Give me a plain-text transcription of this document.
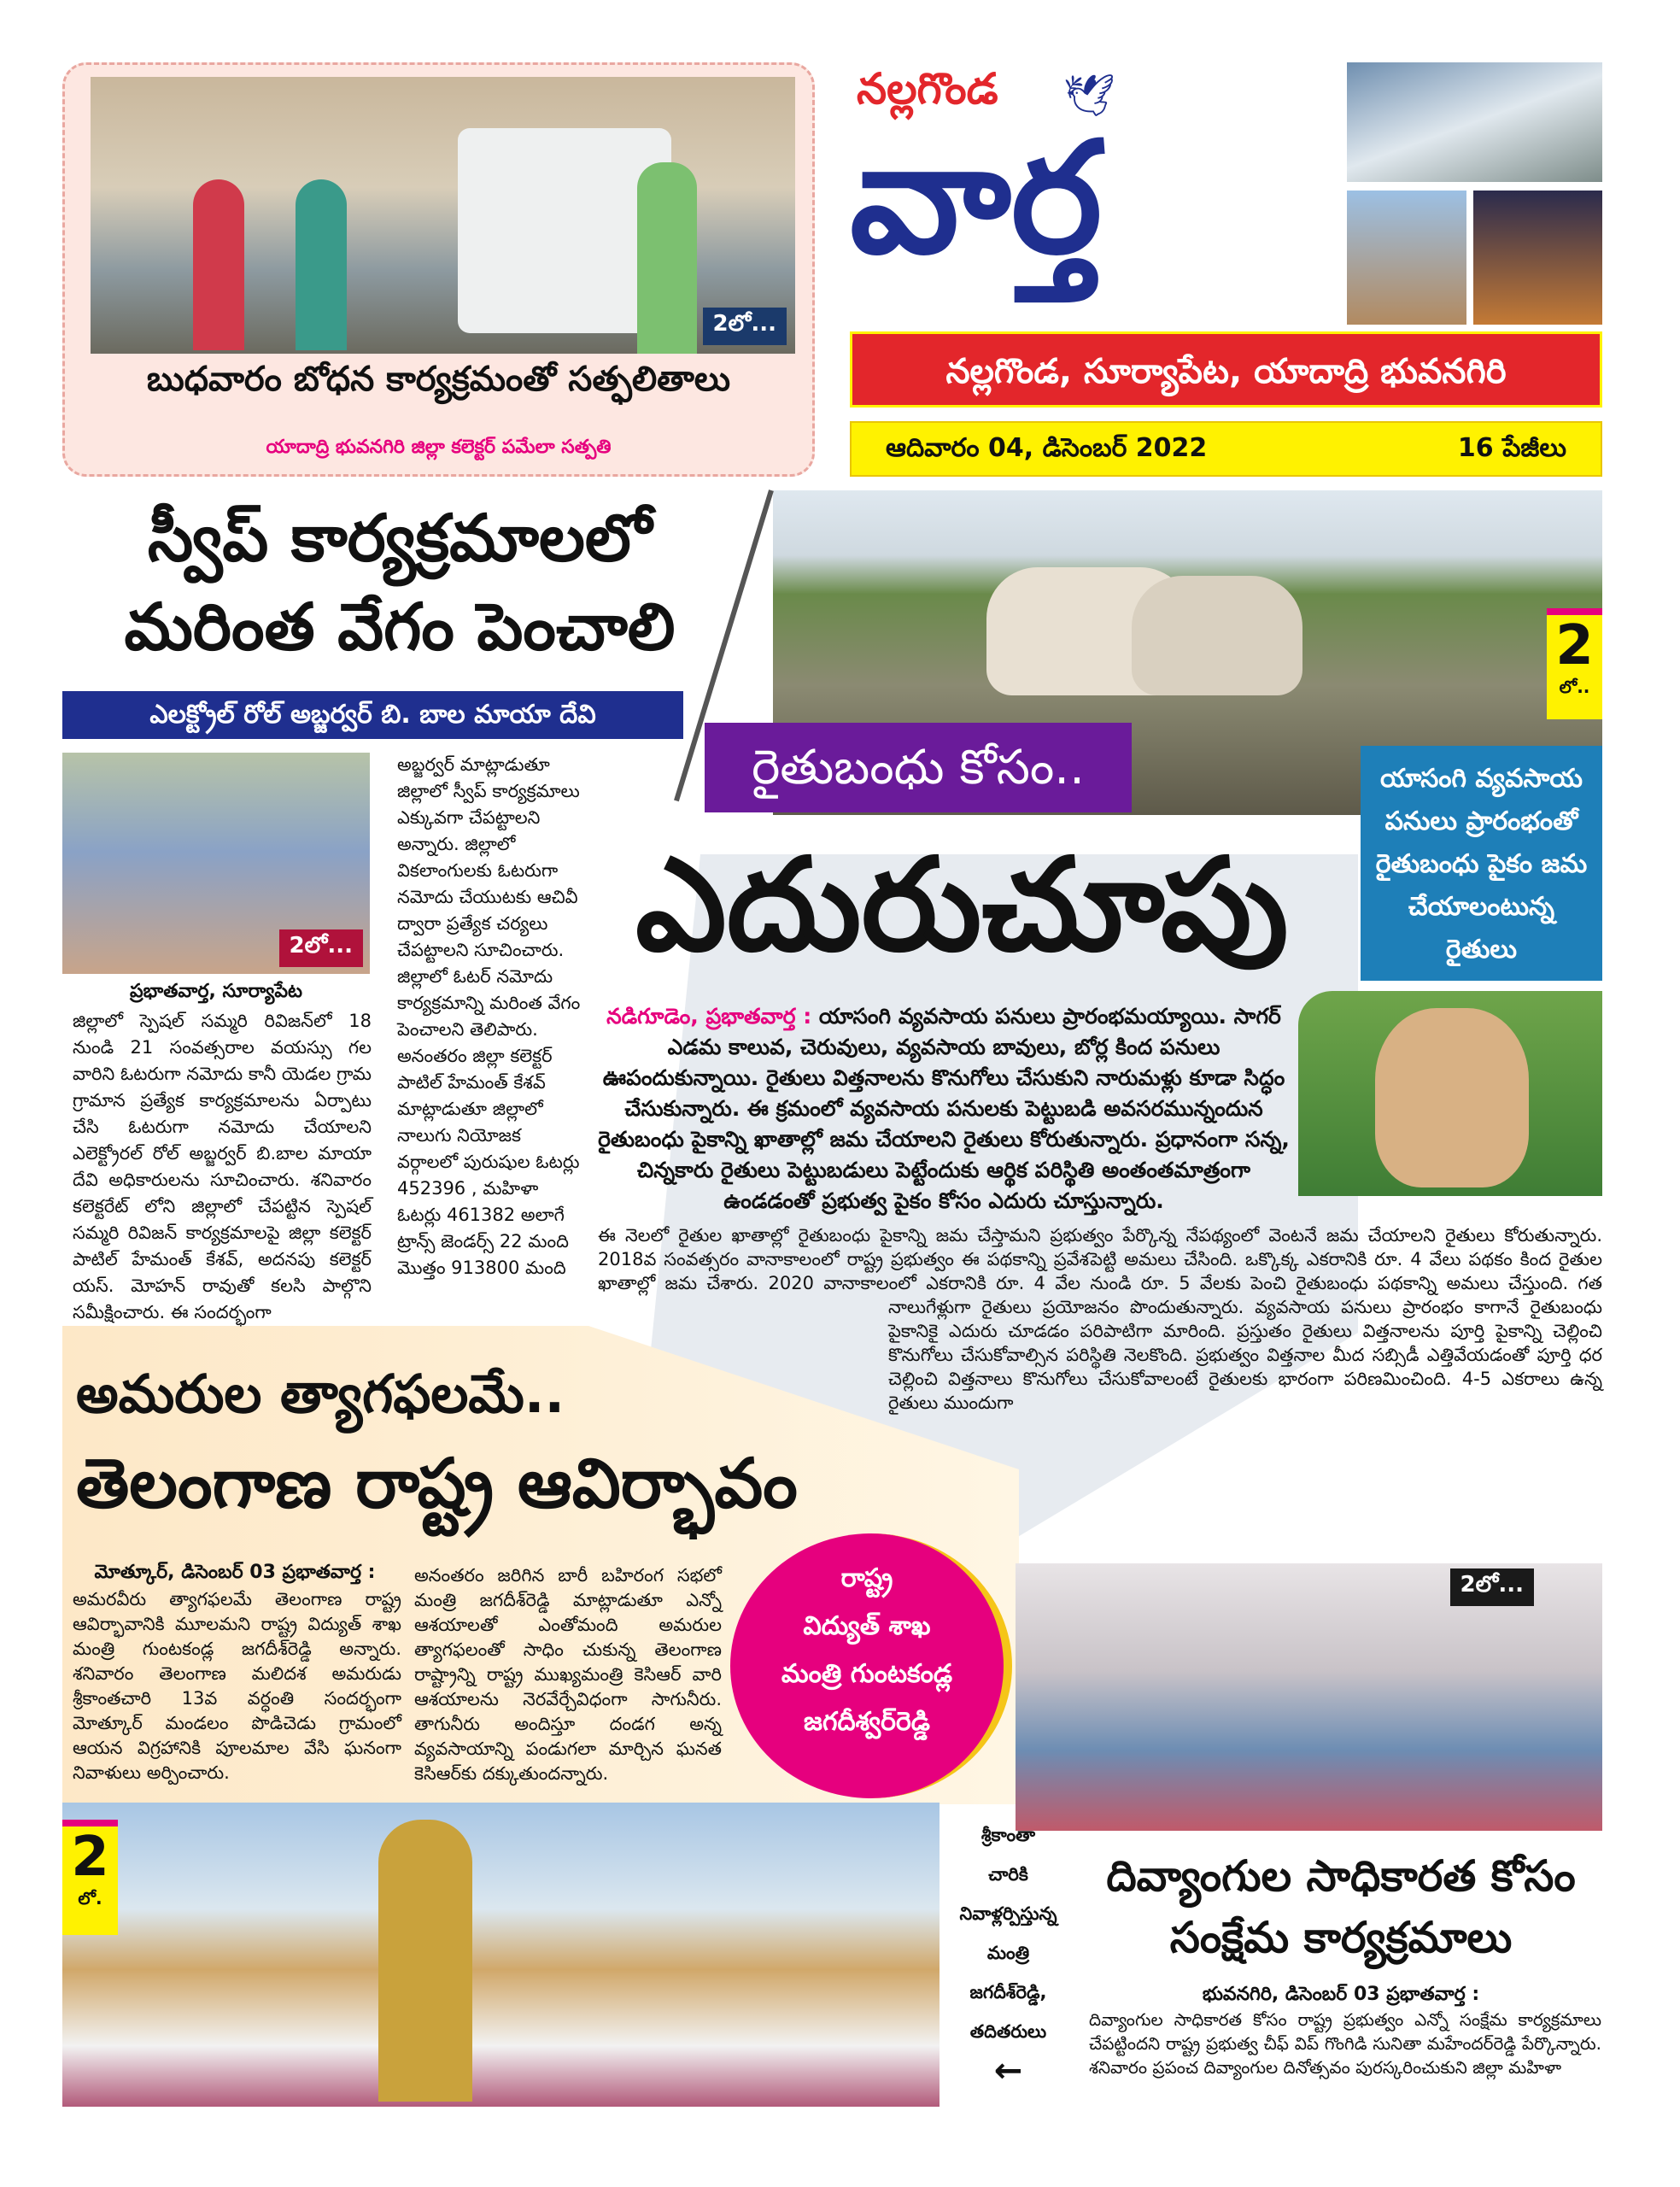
2లో...
బుధవారం బోధన కార్యక్రమంతో సత్ఫలితాలు
యాదాద్రి భువనగిరి జిల్లా కలెక్టర్ పమేలా సత్పతి
నల్లగొండ 🕊
వార్త
నల్లగొండ, సూర్యాపేట, యాదాద్రి భువనగిరి
ఆదివారం 04, డిసెంబర్ 2022	16 పేజీలు
స్వీప్ కార్యక్రమాలలో
మరింత వేగం పెంచాలి
ఎలక్ట్రోల్ రోల్ అబ్జర్వర్ బి. బాల మాయా దేవి
2లో...
ప్రభాతవార్త, సూర్యాపేట
జిల్లాలో స్పెషల్ సమ్మరి రివిజన్‌లో 18 నుండి 21 సంవత్సరాల వయస్సు గల వారిని ఓటరుగా నమోదు కానీ యెడల గ్రామ గ్రామాన ప్రత్యేక కార్యక్రమాలను ఏర్పాటు చేసి ఓటరుగా నమోదు చేయాలని ఎలెక్ట్రోరల్ రోల్ అబ్జర్వర్ బి.బాల మాయా దేవి అధికారులను సూచించారు. శనివారం కలెక్టరేట్ లోని జిల్లాలో చేపట్టిన స్పెషల్ సమ్మరి రివిజన్ కార్యక్రమాలపై జిల్లా కలెక్టర్ పాటిల్ హేమంత్ కేశవ్, అదనపు కలెక్టర్ యస్. మోహన్ రావుతో కలసి పాల్గొని సమీక్షించారు. ఈ సందర్భంగా
అబ్జర్వర్ మాట్లాడుతూ జిల్లాలో స్వీప్ కార్యక్రమాలు ఎక్కువగా చేపట్టాలని అన్నారు. జిల్లాలో వికలాంగులకు ఓటరుగా నమోదు చేయుటకు ఆచివీ ద్వారా ప్రత్యేక చర్యలు చేపట్టాలని సూచించారు. జిల్లాలో ఓటర్ నమోదు కార్యక్రమాన్ని మరింత వేగం పెంచాలని తెలిపారు. అనంతరం జిల్లా కలెక్టర్ పాటిల్ హేమంత్ కేశవ్ మాట్లాడుతూ జిల్లాలో నాలుగు నియోజక వర్గాలలో పురుషుల ఓటర్లు 452396 , మహిళా ఓటర్లు 461382 అలాగే ట్రాన్స్ జెండర్స్ 22 మంది మొత్తం 913800 మంది
2
లో..
రైతుబంధు కోసం..
ఎదురుచూపు
యాసంగి వ్యవసాయ పనులు ప్రారంభంతో రైతుబంధు పైకం జమ చేయాలంటున్న రైతులు
నడిగూడెం, ప్రభాతవార్త : యాసంగి వ్యవసాయ పనులు ప్రారంభమయ్యాయి. సాగర్ ఎడమ కాలువ, చెరువులు, వ్యవసాయ బావులు, బోర్ల కింద పనులు ఊపందుకున్నాయి. రైతులు విత్తనాలను కొనుగోలు చేసుకుని నారుమళ్లు కూడా సిద్ధం చేసుకున్నారు. ఈ క్రమంలో వ్యవసాయ పనులకు పెట్టుబడి అవసరమున్నందున రైతుబంధు పైకాన్ని ఖాతాల్లో జమ చేయాలని రైతులు కోరుతున్నారు. ప్రధానంగా సన్న, చిన్నకారు రైతులు పెట్టుబడులు పెట్టేందుకు ఆర్థిక పరిస్థితి అంతంతమాత్రంగా ఉండడంతో ప్రభుత్వ పైకం కోసం ఎదురు చూస్తున్నారు.
ఈ నెలలో రైతుల ఖాతాల్లో రైతుబంధు పైకాన్ని జమ చేస్తామని ప్రభుత్వం పేర్కొన్న నేపథ్యంలో వెంటనే జమ చేయాలని రైతులు కోరుతున్నారు. 2018వ సంవత్సరం వానాకాలంలో రాష్ట్ర ప్రభుత్వం ఈ పథకాన్ని ప్రవేశపెట్టి అమలు చేసింది. ఒక్కొక్క ఎకరానికి రూ. 4 వేలు పథకం కింద రైతుల ఖాతాల్లో జమ చేశారు. 2020 వానాకాలంలో ఎకరానికి రూ. 4 వేల నుండి రూ. 5 వేలకు పెంచి రైతుబంధు పథకాన్ని అమలు చేస్తుంది. గత నాలుగేళ్లుగా రైతులు ప్రయోజనం పొందుతున్నారు. వ్యవసాయ పనులు ప్రారంభం కాగానే రైతుబంధు పైకానికై ఎదురు చూడడం పరిపాటిగా మారింది. ప్రస్తుతం రైతులు విత్తనాలను పూర్తి పైకాన్ని చెల్లించి కొనుగోలు చేసుకోవాల్సిన పరిస్థితి నెలకొంది. ప్రభుత్వం విత్తనాల మీద సబ్సిడీ ఎత్తివేయడంతో పూర్తి ధర చెల్లించి విత్తనాలు కొనుగోలు చేసుకోవాలంటే రైతులకు భారంగా పరిణమించింది. 4-5 ఎకరాలు ఉన్న రైతులు ముందుగా
అమరుల త్యాగఫలమే..
తెలంగాణ రాష్ట్ర ఆవిర్భావం
మోత్కూర్, డిసెంబర్ 03 ప్రభాతవార్త :
అమరవీరు త్యాగఫలమే తెలంగాణ రాష్ట్ర ఆవిర్భావానికి మూలమని రాష్ట్ర విద్యుత్ శాఖ మంత్రి గుంటకండ్ల జగదీశ్‌రెడ్డి అన్నారు. శనివారం తెలంగాణ మలిదశ అమరుడు శ్రీకాంతచారి 13వ వర్ధంతి సందర్భంగా మోత్కూర్ మండలం పొడిచెడు గ్రామంలో ఆయన విగ్రహానికి పూలమాల వేసి ఘనంగా నివాళులు అర్పించారు.
అనంతరం జరిగిన బారీ బహిరంగ సభలో మంత్రి జగదీశ్‌రెడ్డి మాట్లాడుతూ ఎన్నో ఆశయాలతో ఎంతోమంది అమరుల త్యాగఫలంతో సాధిం చుకున్న తెలంగాణ రాష్ట్రాన్ని రాష్ట్ర ముఖ్యమంత్రి కెసిఆర్ వారి ఆశయాలను నెరవేర్చేవిధంగా సాగునీరు. తాగునీరు అందిస్తూ దండగ అన్న వ్యవసాయాన్ని పండుగలా మార్చిన ఘనత కెసిఆర్‌కు దక్కుతుందన్నారు.
రాష్ట్ర
విద్యుత్ శాఖ
మంత్రి గుంటకండ్ల
జగదీశ్వర్‌రెడ్డి
2
లో.
శ్రీకాంతా
చారికి
నివాళ్లర్పిస్తున్న
మంత్రి
జగదీశ్‌రెడ్డి,
తదితరులు
←
2లో...
దివ్యాంగుల సాధికారత కోసం
సంక్షేమ కార్యక్రమాలు
భువనగిరి, డిసెంబర్ 03 ప్రభాతవార్త :
దివ్యాంగుల సాధికారత కోసం రాష్ట్ర ప్రభుత్వం ఎన్నో సంక్షేమ కార్యక్రమాలు చేపట్టిందని రాష్ట్ర ప్రభుత్వ చీఫ్ విప్ గొంగిడి సునితా మహేందర్‌రెడ్డి పేర్కొన్నారు. శనివారం ప్రపంచ దివ్యాంగుల దినోత్సవం పురస్కరించుకుని జిల్లా మహిళా
